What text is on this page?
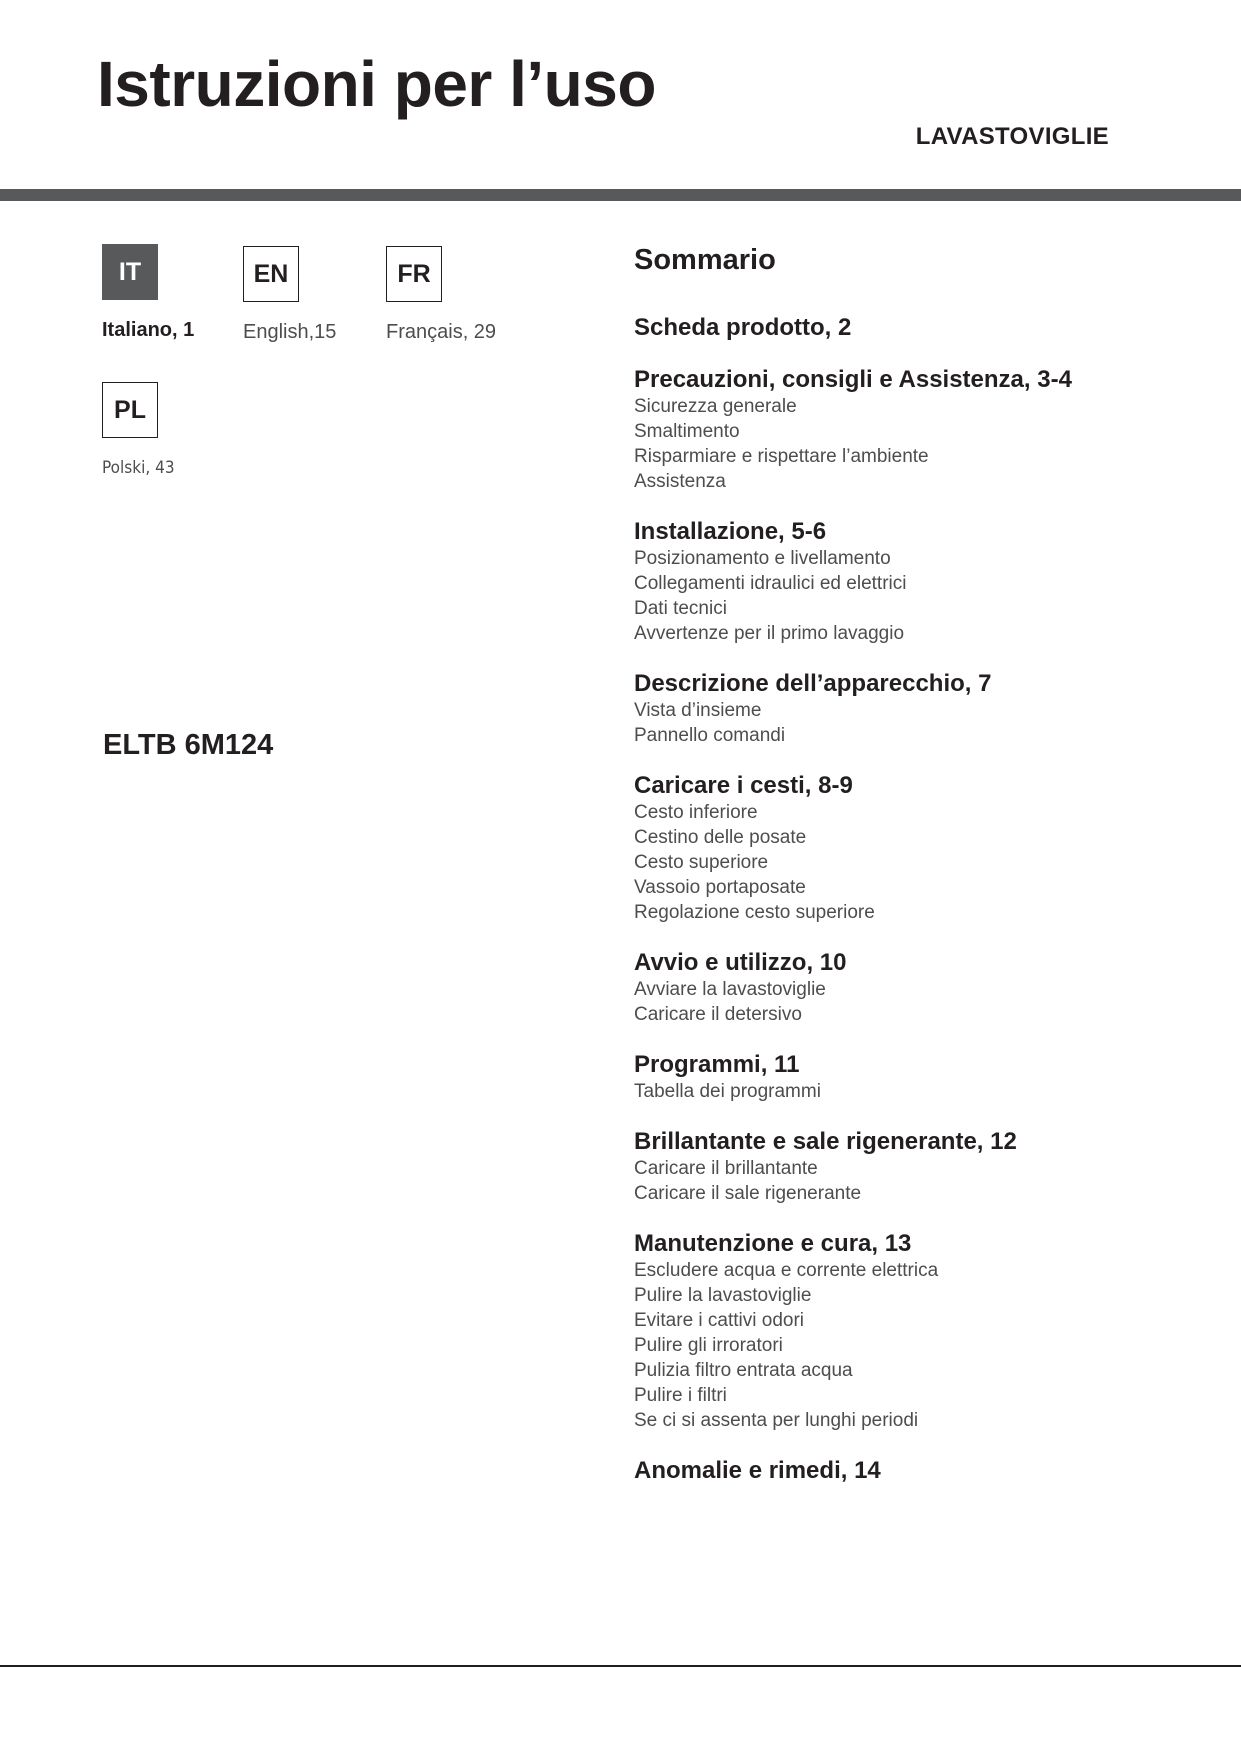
Istruzioni per l’uso
LAVASTOVIGLIE
IT
Italiano, 1
EN
English,15
FR
Français, 29
PL
Polski, 43
ELTB 6M124
Sommario
Scheda prodotto, 2
Precauzioni, consigli e Assistenza, 3-4
Sicurezza generale
Smaltimento
Risparmiare e rispettare l’ambiente
Assistenza
Installazione, 5-6
Posizionamento e livellamento
Collegamenti idraulici ed elettrici
Dati tecnici
Avvertenze per il primo lavaggio
Descrizione dell’apparecchio, 7
Vista d’insieme
Pannello comandi
Caricare i cesti, 8-9
Cesto inferiore
Cestino delle posate
Cesto superiore
Vassoio portaposate
Regolazione cesto superiore
Avvio e utilizzo, 10
Avviare la lavastoviglie
Caricare il detersivo
Programmi, 11
Tabella dei programmi
Brillantante e sale rigenerante, 12
Caricare il brillantante
Caricare il sale rigenerante
Manutenzione e cura, 13
Escludere acqua e corrente elettrica
Pulire la lavastoviglie
Evitare i cattivi odori
Pulire gli irroratori
Pulizia filtro entrata acqua
Pulire i filtri
Se ci si assenta per lunghi periodi
Anomalie e rimedi, 14
